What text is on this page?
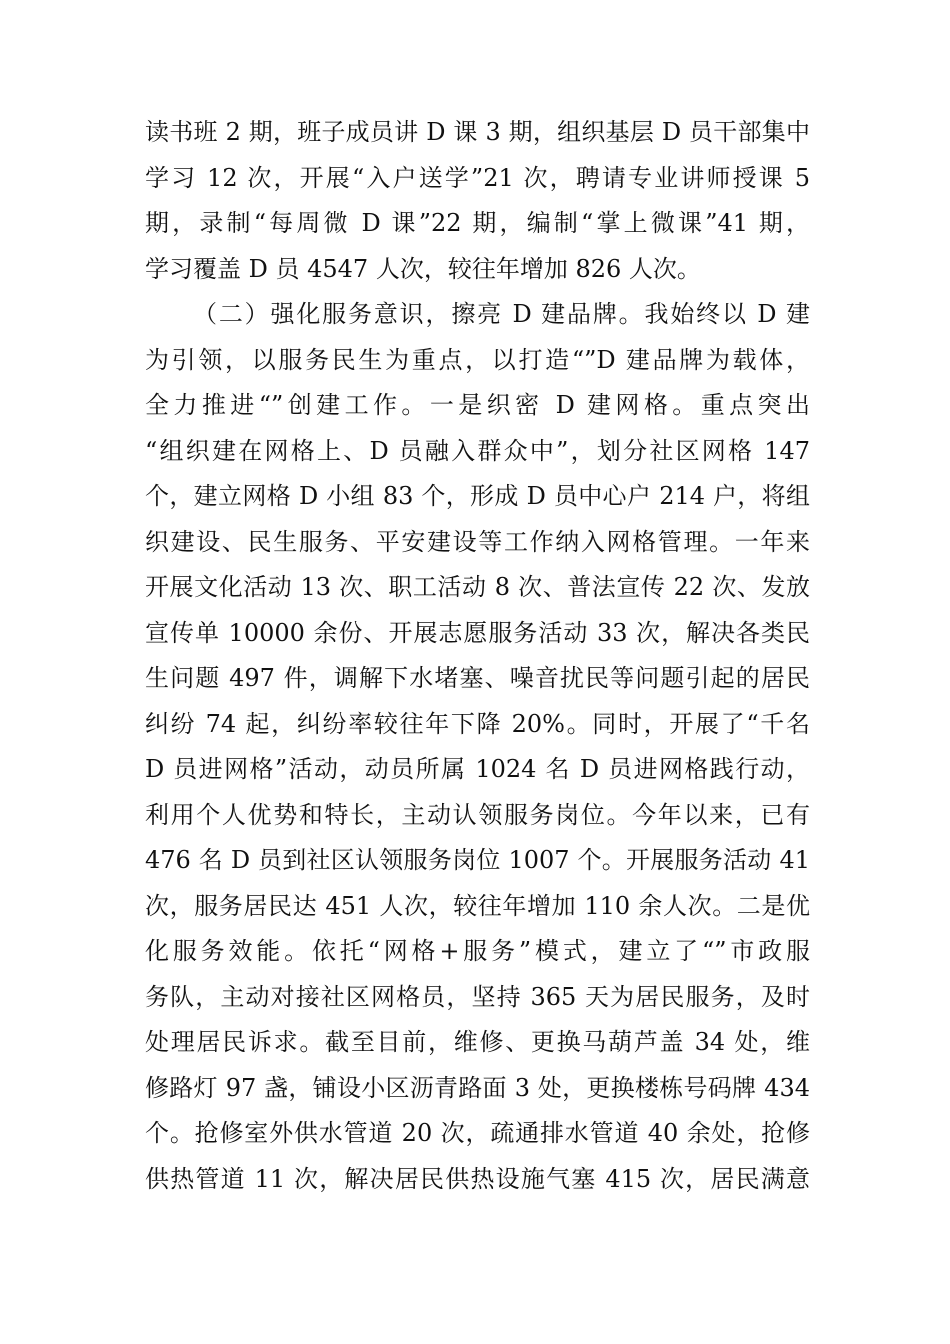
读书班 2 期，班子成员讲 D 课 3 期，组织基层 D 员干部集中
学习 12 次，开展“入户送学”21 次，聘请专业讲师授课 5
期，录制“每周微 D 课”22 期，编制“掌上微课”41 期，
学习覆盖 D 员 4547 人次，较往年增加 826 人次。
（二）强化服务意识，擦亮 D 建品牌。我始终以 D 建
为引领，以服务民生为重点，以打造“”D 建品牌为载体，
全力推进“”创建工作。一是织密 D 建网格。重点突出
“组织建在网格上、D 员融入群众中”，划分社区网格 147
个，建立网格 D 小组 83 个，形成 D 员中心户 214 户，将组
织建设、民生服务、平安建设等工作纳入网格管理。一年来
开展文化活动 13 次、职工活动 8 次、普法宣传 22 次、发放
宣传单 10000 余份、开展志愿服务活动 33 次，解决各类民
生问题 497 件，调解下水堵塞、噪音扰民等问题引起的居民
纠纷 74 起，纠纷率较往年下降 20%。同时，开展了“千名
D 员进网格”活动，动员所属 1024 名 D 员进网格践行动，
利用个人优势和特长，主动认领服务岗位。今年以来，已有
476 名 D 员到社区认领服务岗位 1007 个。开展服务活动 41
次，服务居民达 451 人次，较往年增加 110 余人次。二是优
化服务效能。依托“网格+服务”模式，建立了“”市政服
务队，主动对接社区网格员，坚持 365 天为居民服务，及时
处理居民诉求。截至目前，维修、更换马葫芦盖 34 处，维
修路灯 97 盏，铺设小区沥青路面 3 处，更换楼栋号码牌 434
个。抢修室外供水管道 20 次，疏通排水管道 40 余处，抢修
供热管道 11 次，解决居民供热设施气塞 415 次，居民满意
